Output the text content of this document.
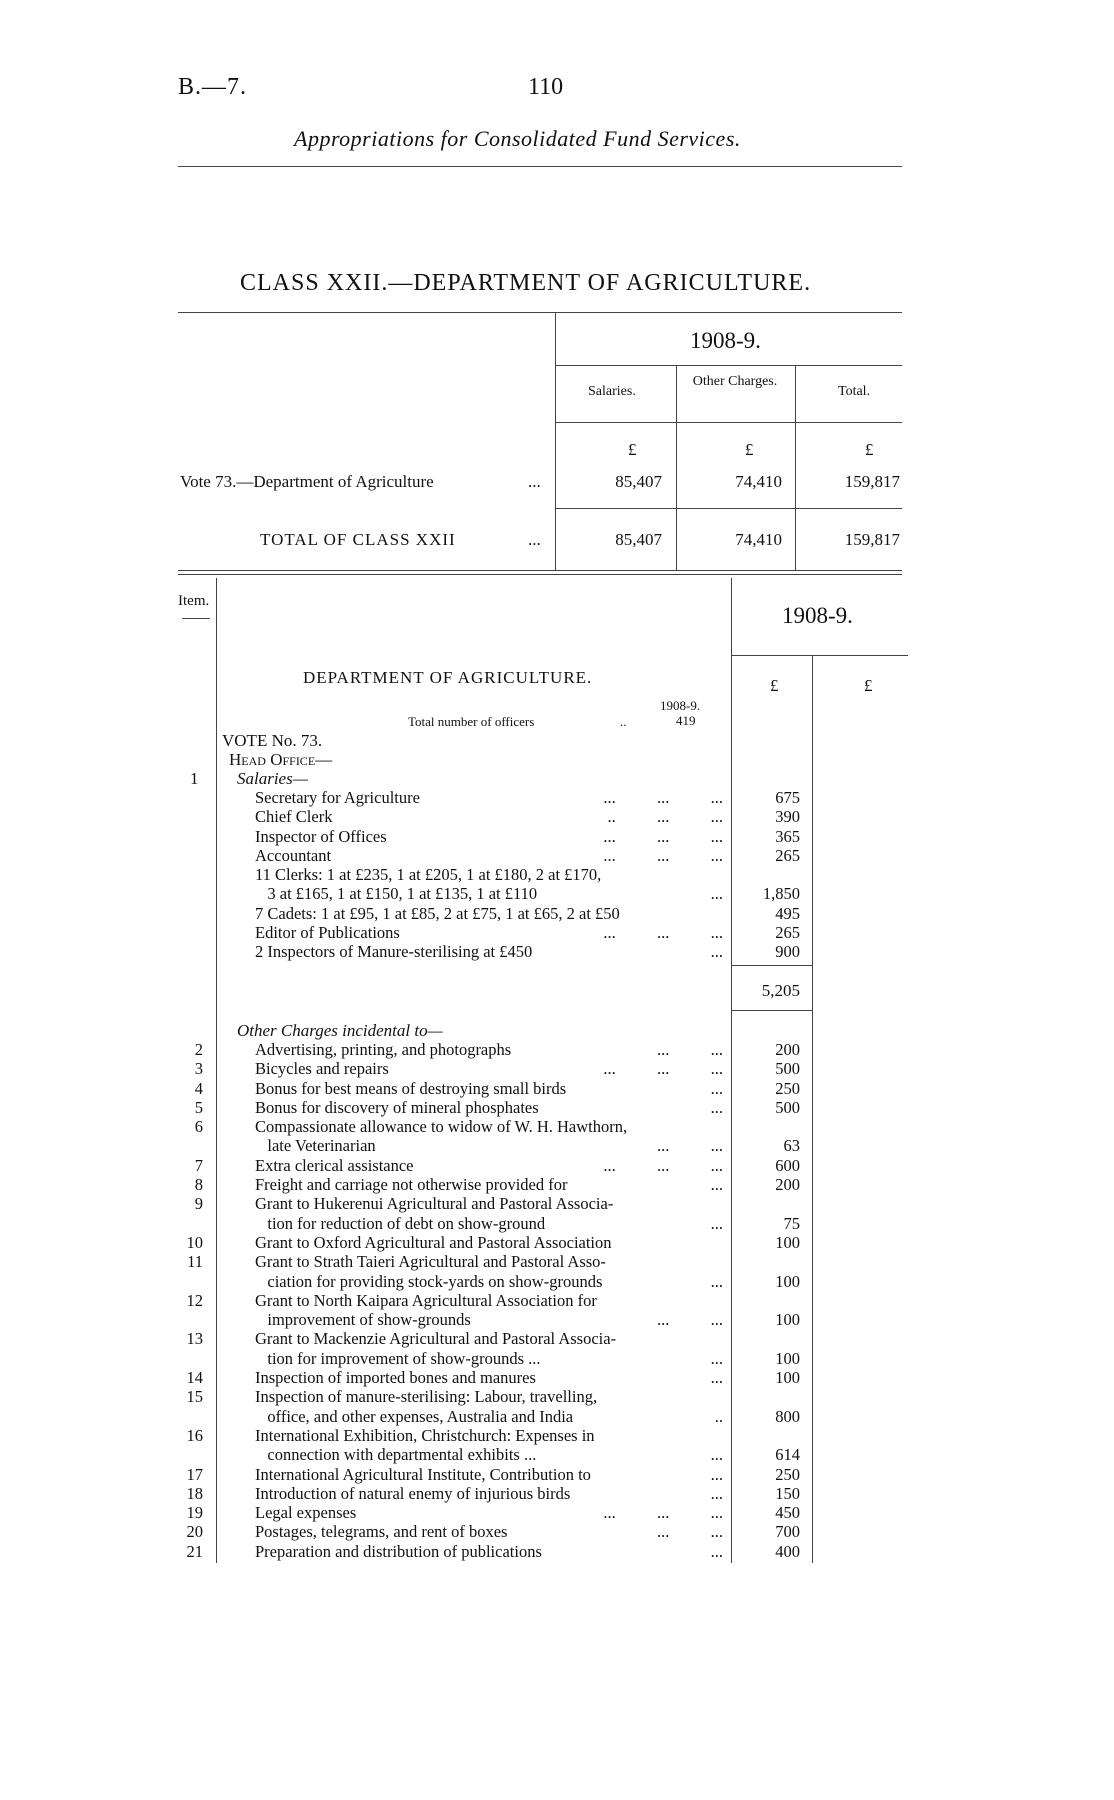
B.—7.	110
Appropriations for Consolidated Fund Services.
CLASS XXII.—DEPARTMENT OF AGRICULTURE.
1908-9.
Salaries.
Other Charges.
Total.
£	£	£
Vote 73.—Department of Agriculture	...	85,407	74,410	159,817
TOTAL OF CLASS XXII	...	85,407	74,410	159,817
Item.
1908-9.
£	£
DEPARTMENT OF AGRICULTURE.
1908-9.
Total number of officers	..	419
VOTE No. 73.
Head Office—
1 Salaries—
Secretary for Agriculture	...          ...          ...	675
Chief Clerk	..          ...          ...	390
Inspector of Offices	...          ...          ...	365
Accountant	...          ...          ...	265
11 Clerks: 1 at £235, 1 at £205, 1 at £180, 2 at £170,
3 at £165, 1 at £150, 1 at £135, 1 at £110	...	1,850
7 Cadets: 1 at £95, 1 at £85, 2 at £75, 1 at £65, 2 at £50	495
Editor of Publications	...          ...          ...	265
2 Inspectors of Manure-sterilising at £450	...	900
5,205
Other Charges incidental to—
2	Advertising, printing, and photographs	...          ...	200
3	Bicycles and repairs	...          ...          ...	500
4	Bonus for best means of destroying small birds	...	250
5	Bonus for discovery of mineral phosphates	...	500
6	Compassionate allowance to widow of W. H. Hawthorn,
late Veterinarian	...          ...	63
7	Extra clerical assistance	...          ...          ...	600
8	Freight and carriage not otherwise provided for	...	200
9	Grant to Hukerenui Agricultural and Pastoral Associa-
tion for reduction of debt on show-ground	...	75
10	Grant to Oxford Agricultural and Pastoral Association	100
11	Grant to Strath Taieri Agricultural and Pastoral Asso-
ciation for providing stock-yards on show-grounds	...	100
12	Grant to North Kaipara Agricultural Association for
improvement of show-grounds	...          ...	100
13	Grant to Mackenzie Agricultural and Pastoral Associa-
tion for improvement of show-grounds ...	...	100
14	Inspection of imported bones and manures	...	100
15	Inspection of manure-sterilising: Labour, travelling,
office, and other expenses, Australia and India	..	800
16	International Exhibition, Christchurch: Expenses in
connection with departmental exhibits ...	...	614
17	International Agricultural Institute, Contribution to	...	250
18	Introduction of natural enemy of injurious birds	...	150
19	Legal expenses	...          ...          ...	450
20	Postages, telegrams, and rent of boxes	...          ...	700
21	Preparation and distribution of publications	...	400
